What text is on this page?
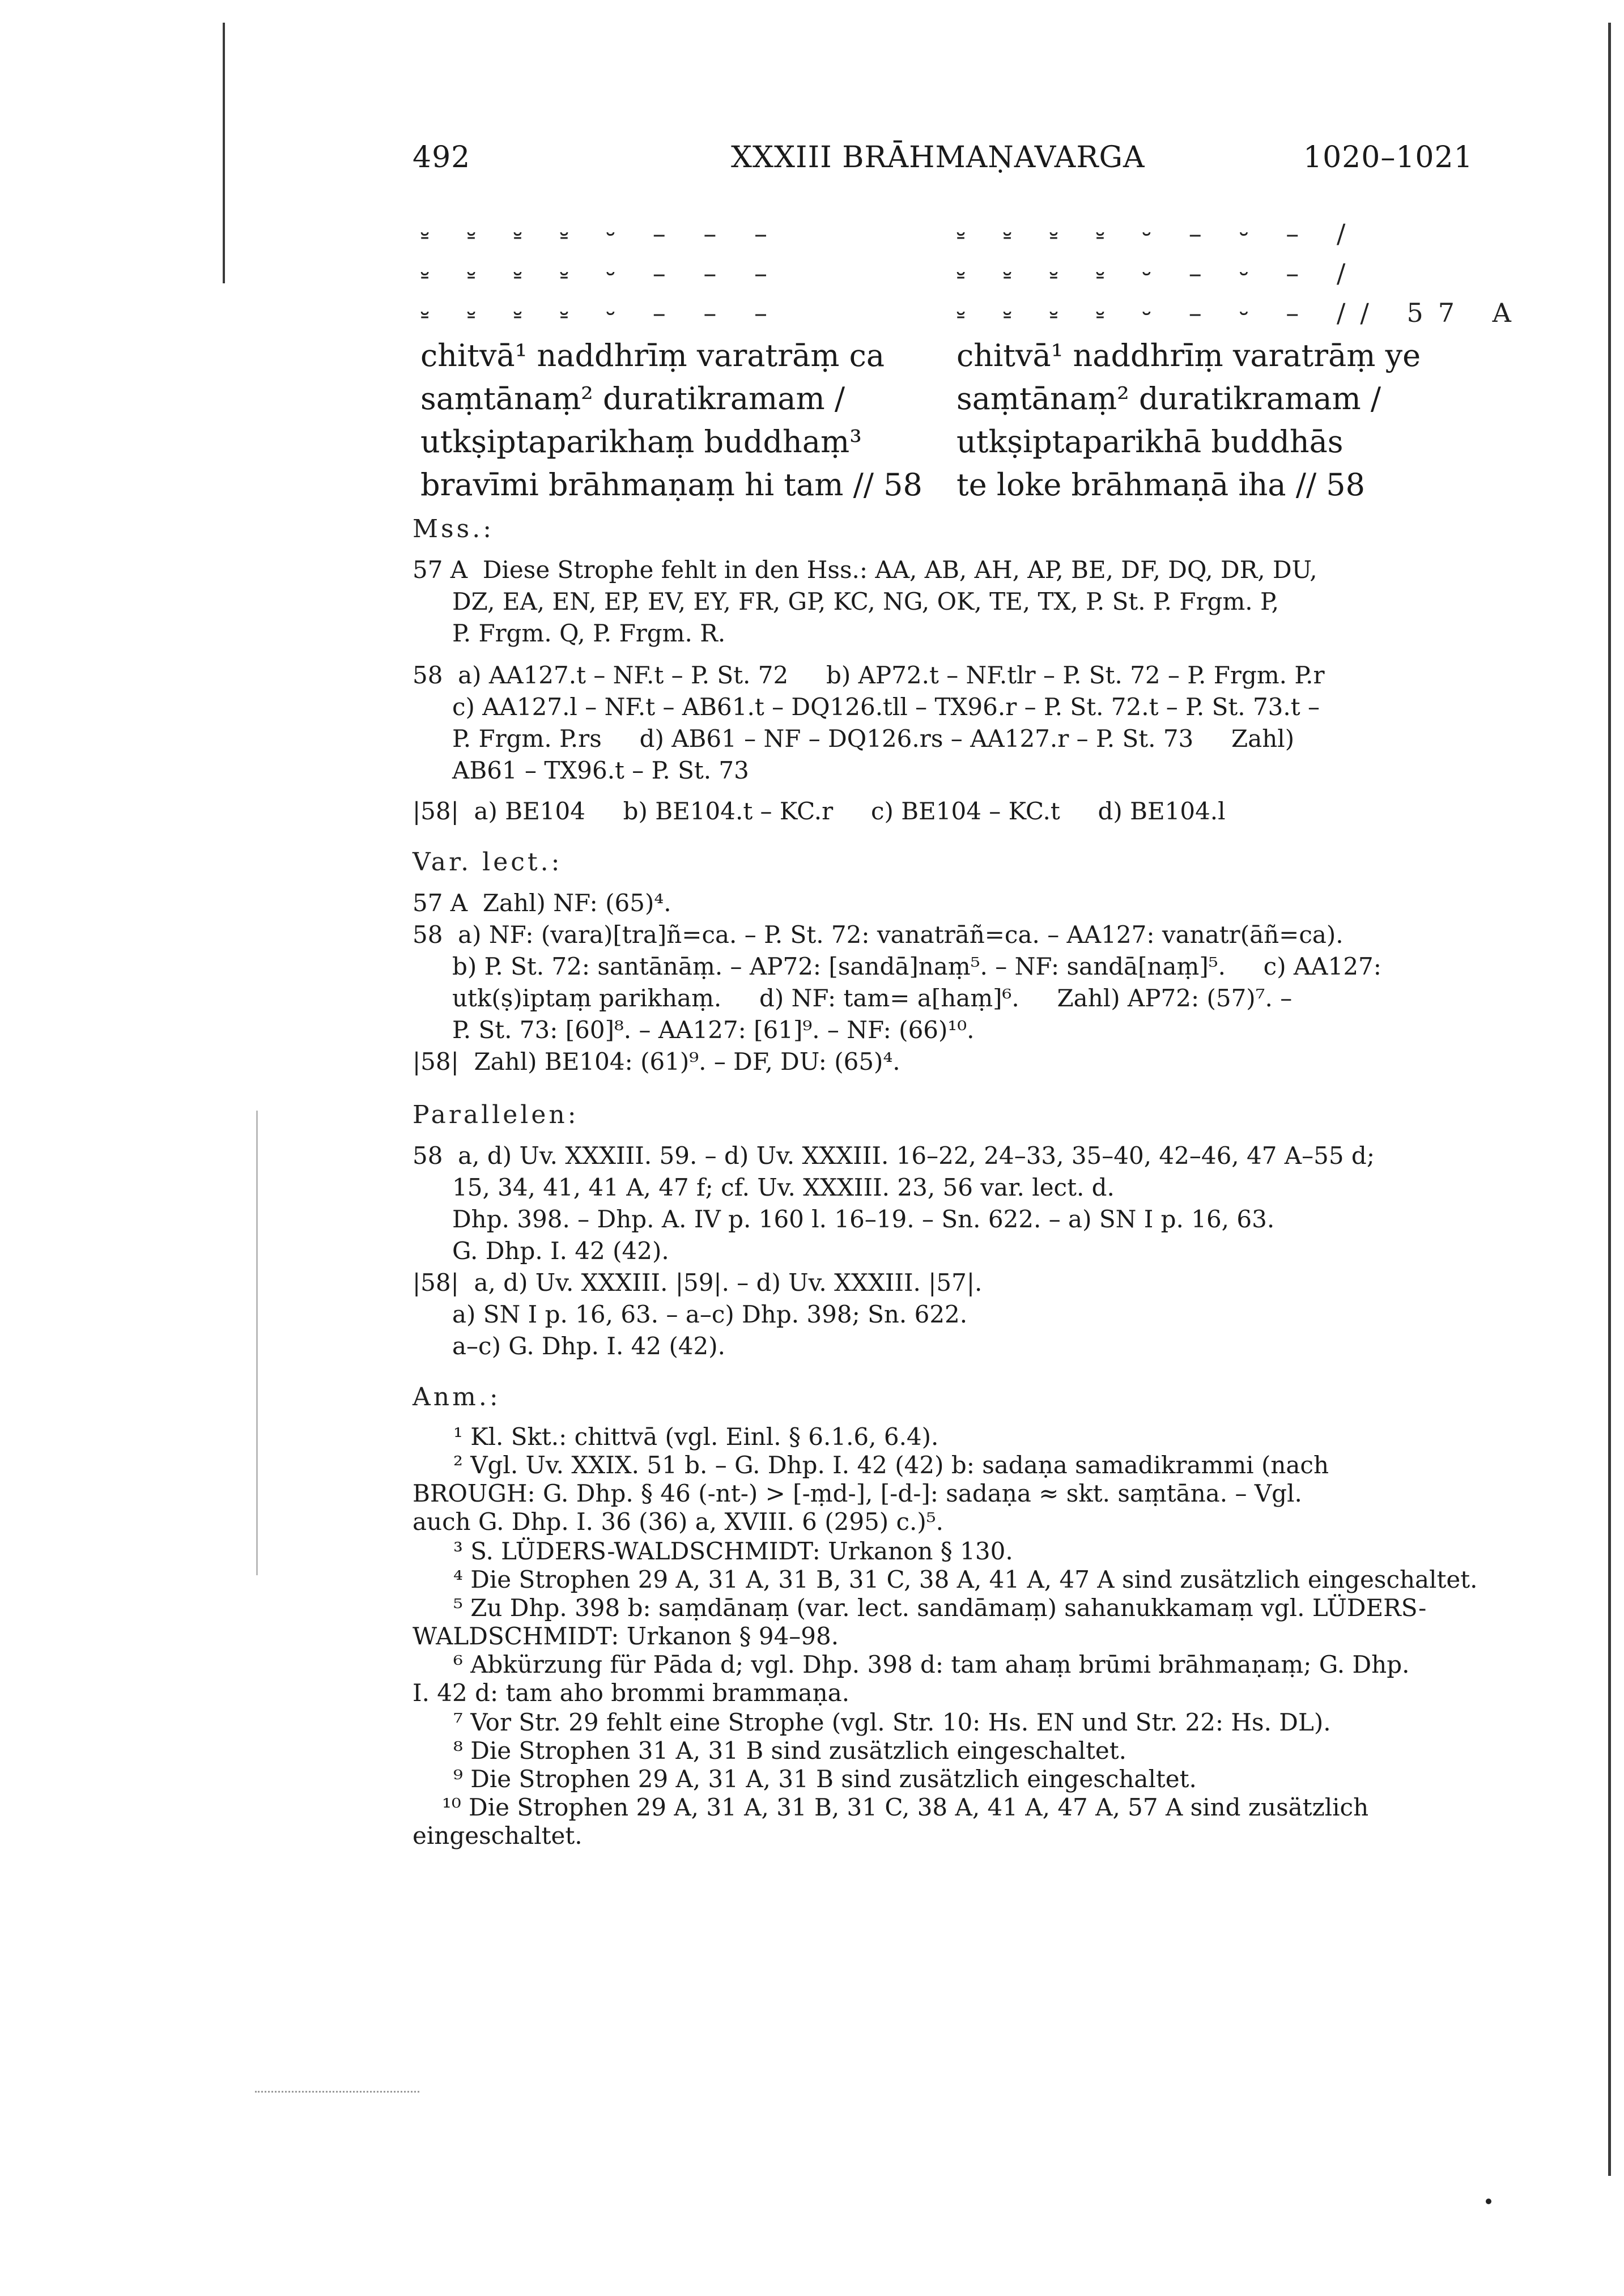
492	XXXIII BRĀHMAṆAVARGA	1020–1021
⏓ ⏓ ⏓ ⏓ ⏑ – – –
⏓ ⏓ ⏓ ⏓ ⏑ – – –
⏓ ⏓ ⏓ ⏓ ⏑ – – –
⏓ ⏓ ⏓ ⏓ ⏑ – ⏑ – /
⏓ ⏓ ⏓ ⏓ ⏑ – ⏑ – /
⏓ ⏓ ⏓ ⏓ ⏑ – ⏑ – // 57 A
chitvā¹ naddhrīṃ varatrāṃ ca
saṃtānaṃ² duratikramam /
utkṣiptaparikhaṃ buddhaṃ³
bravīmi brāhmaṇaṃ hi tam // 58
chitvā¹ naddhrīṃ varatrāṃ ye
saṃtānaṃ² duratikramam /
utkṣiptaparikhā buddhās
te loke brāhmaṇā iha // 58
Mss.:
57 A  Diese Strophe fehlt in den Hss.: AA, AB, AH, AP, BE, DF, DQ, DR, DU,
DZ, EA, EN, EP, EV, EY, FR, GP, KC, NG, OK, TE, TX, P. St. P. Frgm. P,
P. Frgm. Q, P. Frgm. R.
58  a) AA127.t – NF.t – P. St. 72     b) AP72.t – NF.tlr – P. St. 72 – P. Frgm. P.r
c) AA127.l – NF.t – AB61.t – DQ126.tll – TX96.r – P. St. 72.t – P. St. 73.t –
P. Frgm. P.rs     d) AB61 – NF – DQ126.rs – AA127.r – P. St. 73     Zahl)
AB61 – TX96.t – P. St. 73
|58|  a) BE104     b) BE104.t – KC.r     c) BE104 – KC.t     d) BE104.l
Var. lect.:
57 A  Zahl) NF: (65)⁴.
58  a) NF: (vara)[tra]ñ=ca. – P. St. 72: vanatrāñ=ca. – AA127: vanatr(āñ=ca).
b) P. St. 72: santānāṃ. – AP72: [sandā]naṃ⁵. – NF: sandā[naṃ]⁵.     c) AA127:
utk(ṣ)iptaṃ parikhaṃ.     d) NF: tam= a[haṃ]⁶.     Zahl) AP72: (57)⁷. –
P. St. 73: [60]⁸. – AA127: [61]⁹. – NF: (66)¹⁰.
|58|  Zahl) BE104: (61)⁹. – DF, DU: (65)⁴.
Parallelen:
58  a, d) Uv. XXXIII. 59. – d) Uv. XXXIII. 16–22, 24–33, 35–40, 42–46, 47 A–55 d;
15, 34, 41, 41 A, 47 f; cf. Uv. XXXIII. 23, 56 var. lect. d.
Dhp. 398. – Dhp. A. IV p. 160 l. 16–19. – Sn. 622. – a) SN I p. 16, 63.
G. Dhp. I. 42 (42).
|58|  a, d) Uv. XXXIII. |59|. – d) Uv. XXXIII. |57|.
a) SN I p. 16, 63. – a–c) Dhp. 398; Sn. 622.
a–c) G. Dhp. I. 42 (42).
Anm.:
¹ Kl. Skt.: chittvā (vgl. Einl. § 6.1.6, 6.4).
² Vgl. Uv. XXIX. 51 b. – G. Dhp. I. 42 (42) b: sadaṇa samadikrammi (nach
BROUGH: G. Dhp. § 46 (-nt-) > [-ṃd-], [-d-]: sadaṇa ≈ skt. saṃtāna. – Vgl.
auch G. Dhp. I. 36 (36) a, XVIII. 6 (295) c.)⁵.
³ S. LÜDERS-WALDSCHMIDT: Urkanon § 130.
⁴ Die Strophen 29 A, 31 A, 31 B, 31 C, 38 A, 41 A, 47 A sind zusätzlich eingeschaltet.
⁵ Zu Dhp. 398 b: saṃdānaṃ (var. lect. sandāmaṃ) sahanukkamaṃ vgl. LÜDERS-
WALDSCHMIDT: Urkanon § 94–98.
⁶ Abkürzung für Pāda d; vgl. Dhp. 398 d: tam ahaṃ brūmi brāhmaṇaṃ; G. Dhp.
I. 42 d: tam aho brommi brammaṇa.
⁷ Vor Str. 29 fehlt eine Strophe (vgl. Str. 10: Hs. EN und Str. 22: Hs. DL).
⁸ Die Strophen 31 A, 31 B sind zusätzlich eingeschaltet.
⁹ Die Strophen 29 A, 31 A, 31 B sind zusätzlich eingeschaltet.
¹⁰ Die Strophen 29 A, 31 A, 31 B, 31 C, 38 A, 41 A, 47 A, 57 A sind zusätzlich
eingeschaltet.
